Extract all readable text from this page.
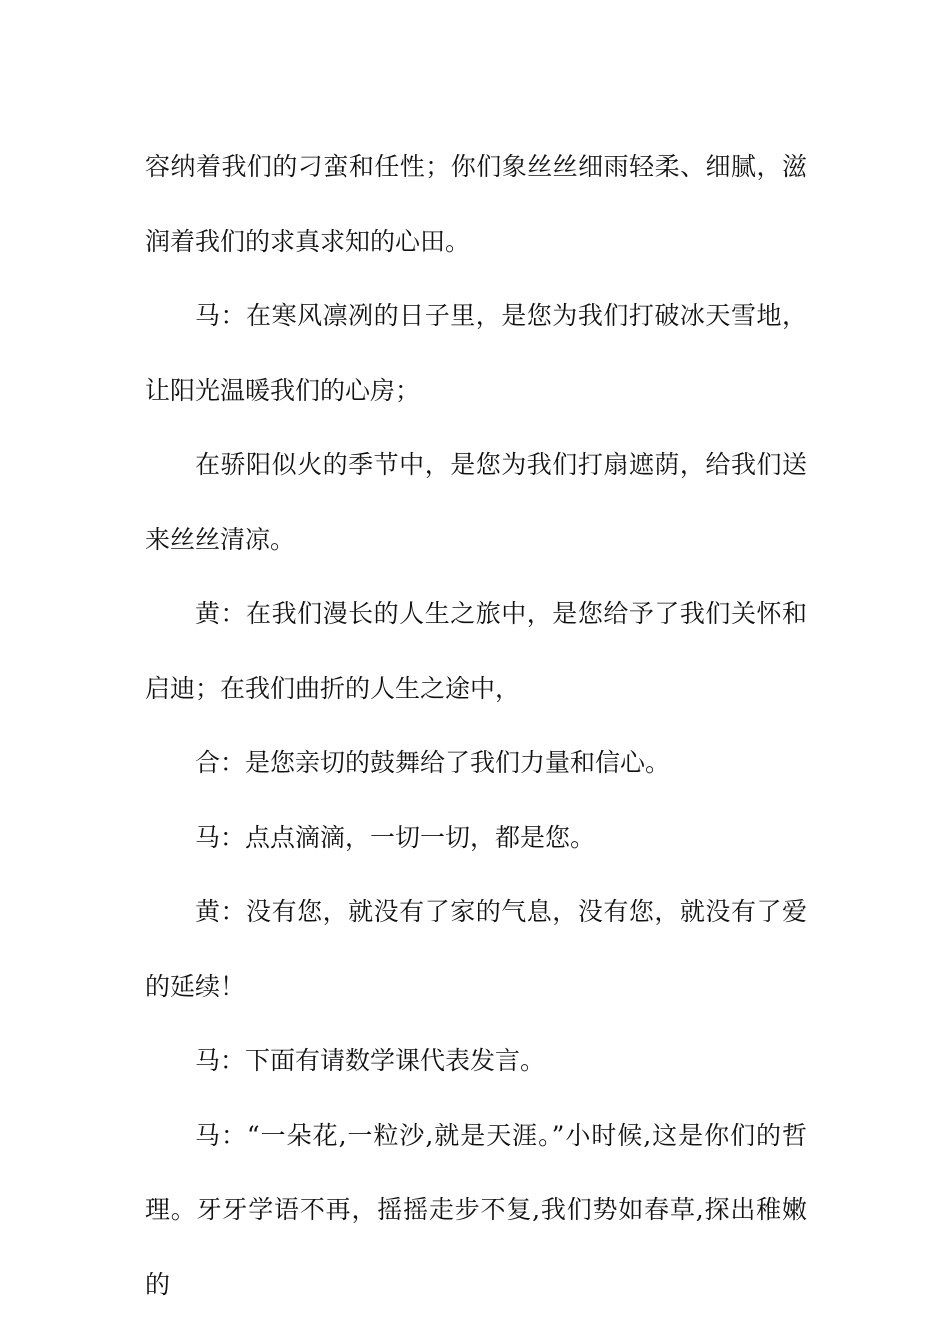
容纳着我们的刁蛮和任性；你们象丝丝细雨轻柔、细腻，滋润着我们的求真求知的心田。

马：在寒风凛冽的日子里，是您为我们打破冰天雪地，让阳光温暖我们的心房；

在骄阳似火的季节中，是您为我们打扇遮荫，给我们送来丝丝清凉。

黄：在我们漫长的人生之旅中，是您给予了我们关怀和启迪；在我们曲折的人生之途中，

合：是您亲切的鼓舞给了我们力量和信心。

马：点点滴滴，一切一切，都是您。

黄：没有您，就没有了家的气息，没有您，就没有了爱的延续！

马：下面有请数学课代表发言。

马：“一朵花,一粒沙,就是天涯。”小时候,这是你们的哲理。牙牙学语不再，摇摇走步不复,我们势如春草,探出稚嫩的
